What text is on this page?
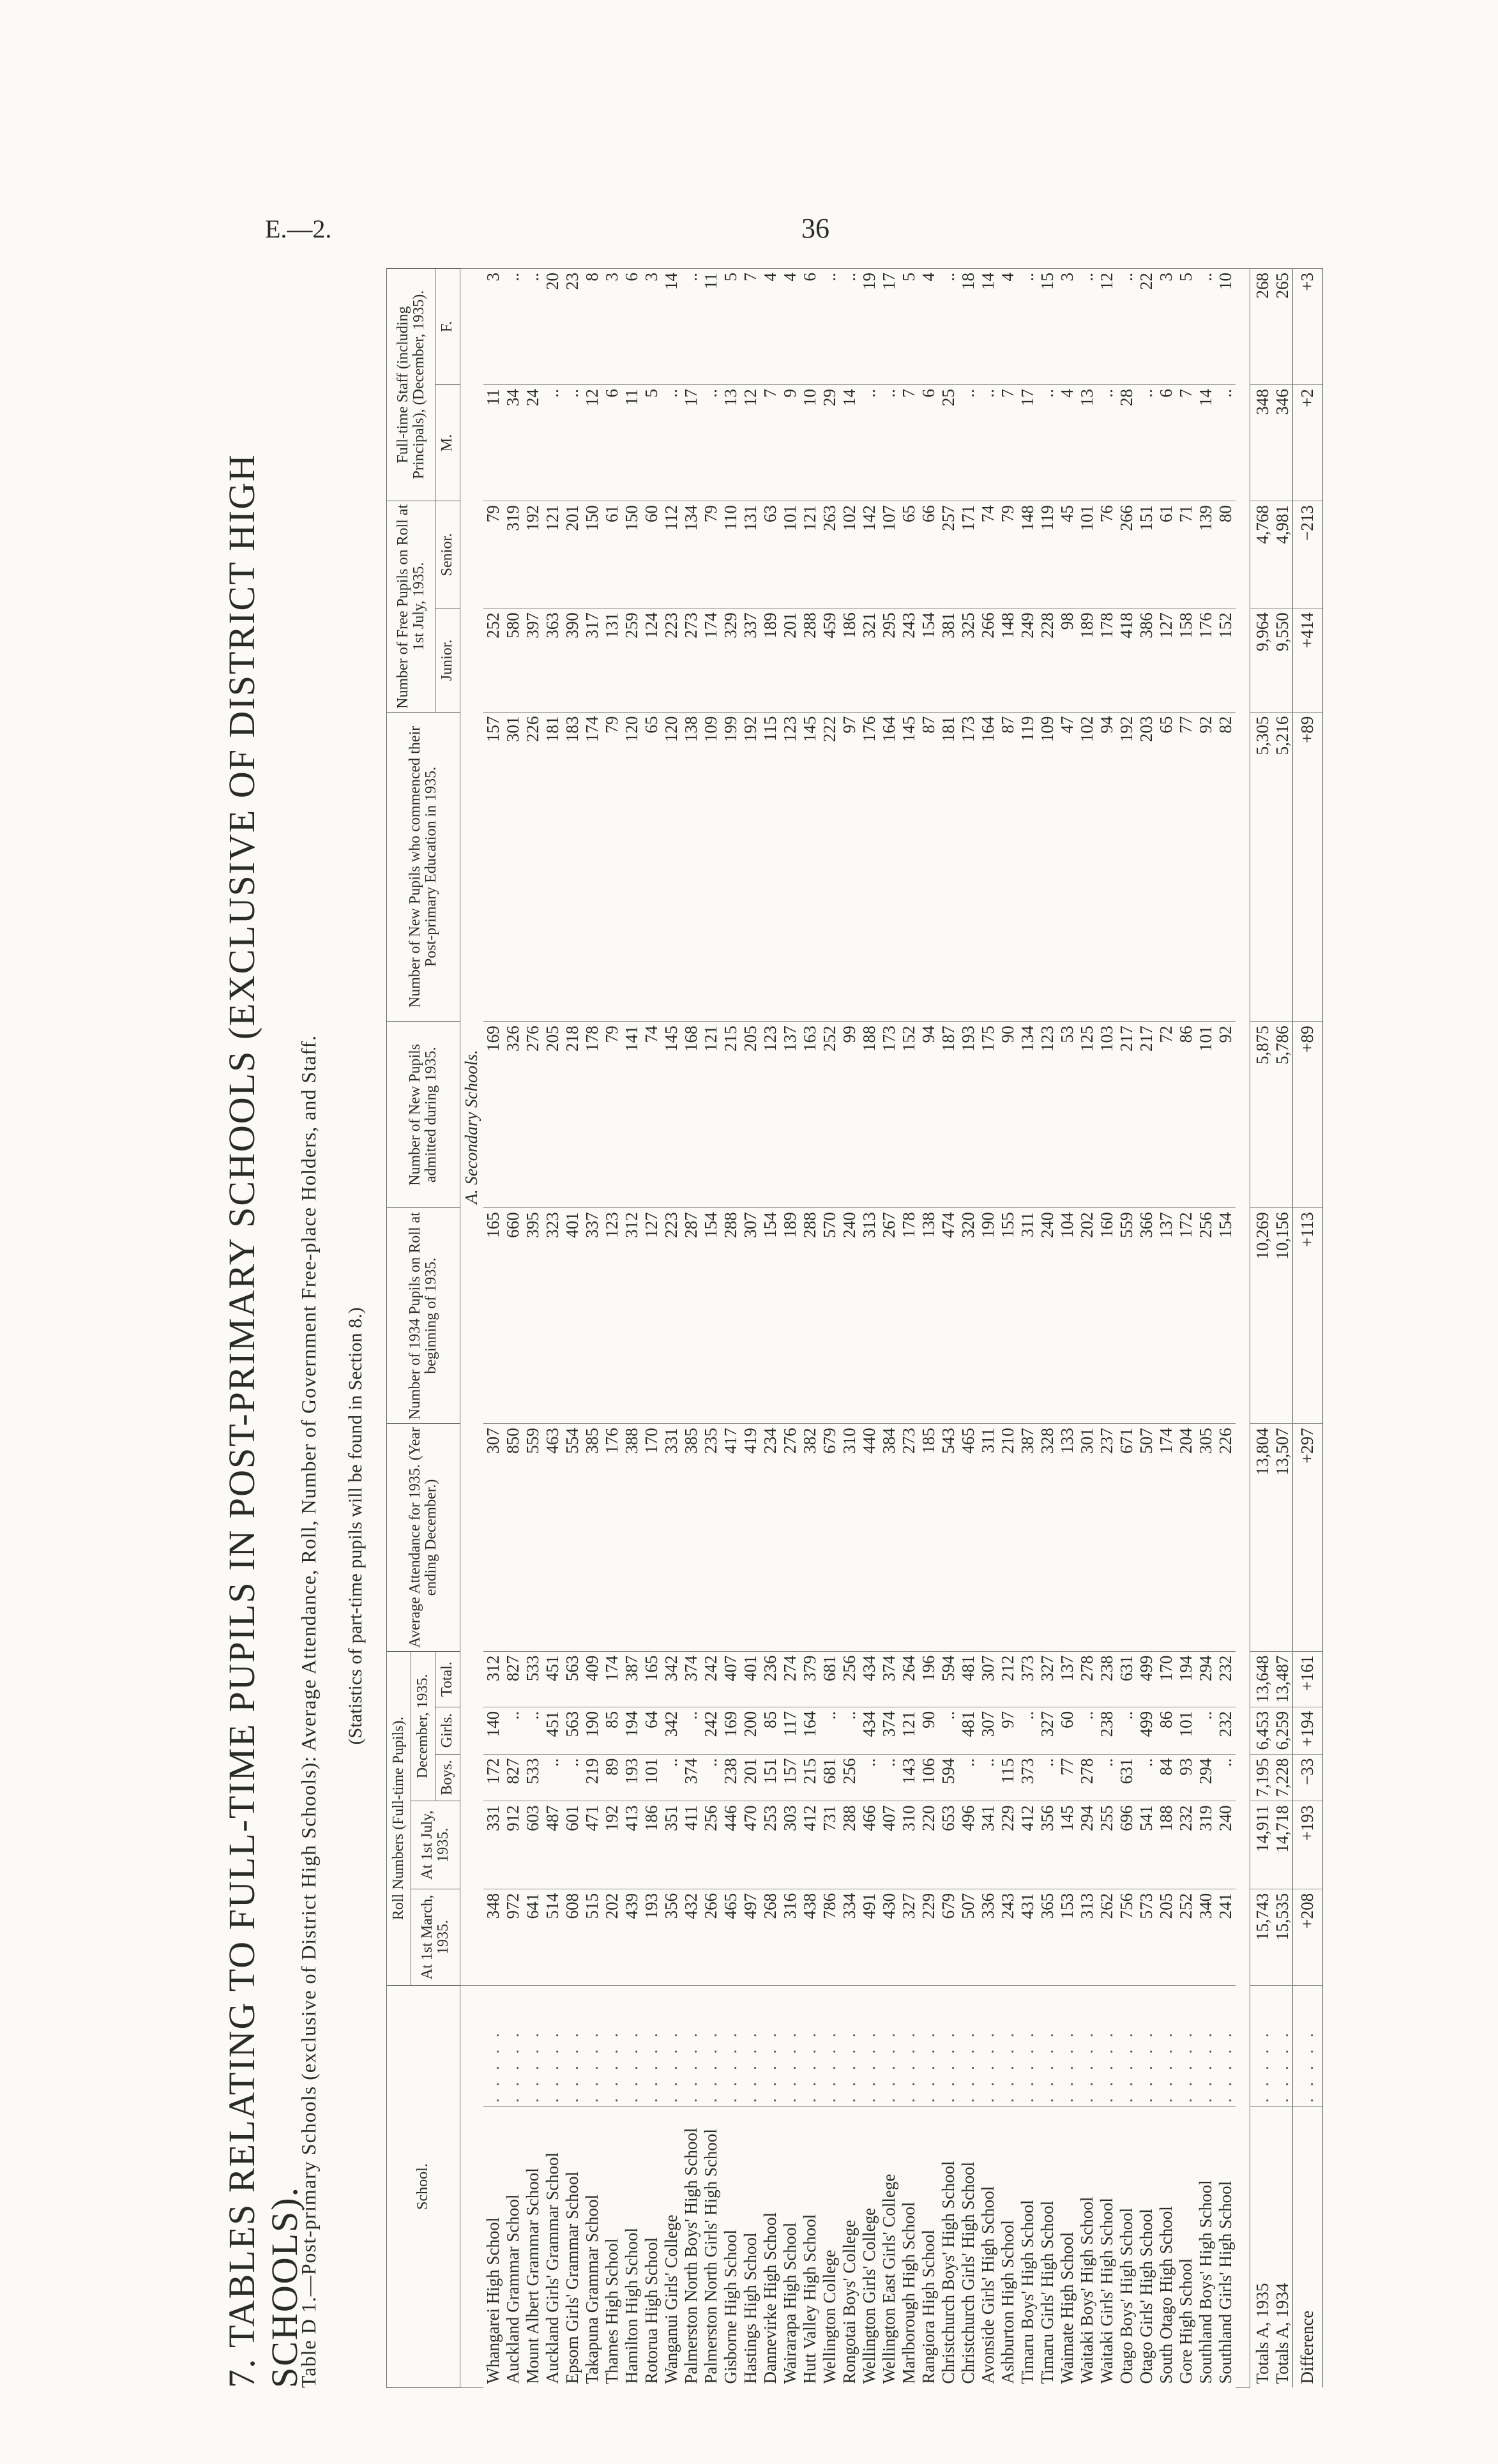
E.—2.	36
7. TABLES RELATING TO FULL-TIME PUPILS IN POST-PRIMARY SCHOOLS (EXCLUSIVE OF DISTRICT HIGH SCHOOLS).
Table D 1.—Post-primary Schools (exclusive of District High Schools): Average Attendance, Roll, Number of Government Free-place Holders, and Staff. (Statistics of part-time pupils will be found in Section 8.)
School.		Roll Numbers (Full-time Pupils).					Average Attendance for 1935. (Year ending December.)	Number of 1934 Pupils on Roll at beginning of 1935.	Number of New Pupils admitted during 1935.	Number of New Pupils who commenced their Post-primary Education in 1935.	Number of Free Pupils on Roll at 1st July, 1935.		Full-time Staff (including Principals), (December, 1935).	
		At 1st March, 1935.	At 1st July, 1935.	December, 1935.										
				Boys.	Girls.	Total.					Junior.	Senior.	M.	F.
		A. Secondary Schools.												
Whangarei High School	. . . . .	348	331	172	140	312	307	165	169	157	252	79	11	3
Auckland Grammar School	. . . . .	972	912	827	..	827	850	660	326	301	580	319	34	..
Mount Albert Grammar School	. . . . .	641	603	533	..	533	559	395	276	226	397	192	24	..
Auckland Girls' Grammar School	. . . . .	514	487	..	451	451	463	323	205	181	363	121	..	20
Epsom Girls' Grammar School	. . . . .	608	601	..	563	563	554	401	218	183	390	201	..	23
Takapuna Grammar School	. . . . .	515	471	219	190	409	385	337	178	174	317	150	12	8
Thames High School	. . . . .	202	192	89	85	174	176	123	79	79	131	61	6	3
Hamilton High School	. . . . .	439	413	193	194	387	388	312	141	120	259	150	11	6
Rotorua High School	. . . . .	193	186	101	64	165	170	127	74	65	124	60	5	3
Wanganui Girls' College	. . . . .	356	351	..	342	342	331	223	145	120	223	112	..	14
Palmerston North Boys' High School	. . . . .	432	411	374	..	374	385	287	168	138	273	134	17	..
Palmerston North Girls' High School	. . . . .	266	256	..	242	242	235	154	121	109	174	79	..	11
Gisborne High School	. . . . .	465	446	238	169	407	417	288	215	199	329	110	13	5
Hastings High School	. . . . .	497	470	201	200	401	419	307	205	192	337	131	12	7
Dannevirke High School	. . . . .	268	253	151	85	236	234	154	123	115	189	63	7	4
Wairarapa High School	. . . . .	316	303	157	117	274	276	189	137	123	201	101	9	4
Hutt Valley High School	. . . . .	438	412	215	164	379	382	288	163	145	288	121	10	6
Wellington College	. . . . .	786	731	681	..	681	679	570	252	222	459	263	29	..
Rongotai Boys' College	. . . . .	334	288	256	..	256	310	240	99	97	186	102	14	..
Wellington Girls' College	. . . . .	491	466	..	434	434	440	313	188	176	321	142	..	19
Wellington East Girls' College	. . . . .	430	407	..	374	374	384	267	173	164	295	107	..	17
Marlborough High School	. . . . .	327	310	143	121	264	273	178	152	145	243	65	7	5
Rangiora High School	. . . . .	229	220	106	90	196	185	138	94	87	154	66	6	4
Christchurch Boys' High School	. . . . .	679	653	594	..	594	543	474	187	181	381	257	25	..
Christchurch Girls' High School	. . . . .	507	496	..	481	481	465	320	193	173	325	171	..	18
Avonside Girls' High School	. . . . .	336	341	..	307	307	311	190	175	164	266	74	..	14
Ashburton High School	. . . . .	243	229	115	97	212	210	155	90	87	148	79	7	4
Timaru Boys' High School	. . . . .	431	412	373	..	373	387	311	134	119	249	148	17	..
Timaru Girls' High School	. . . . .	365	356	..	327	327	328	240	123	109	228	119	..	15
Waimate High School	. . . . .	153	145	77	60	137	133	104	53	47	98	45	4	3
Waitaki Boys' High School	. . . . .	313	294	278	..	278	301	202	125	102	189	101	13	..
Waitaki Girls' High School	. . . . .	262	255	..	238	238	237	160	103	94	178	76	..	12
Otago Boys' High School	. . . . .	756	696	631	..	631	671	559	217	192	418	266	28	..
Otago Girls' High School	. . . . .	573	541	..	499	499	507	366	217	203	386	151	..	22
South Otago High School	. . . . .	205	188	84	86	170	174	137	72	65	127	61	6	3
Gore High School	. . . . .	252	232	93	101	194	204	172	86	77	158	71	7	5
Southland Boys' High School	. . . . .	340	319	294	..	294	305	256	101	92	176	139	14	..
Southland Girls' High School	. . . . .	241	240	..	232	232	226	154	92	82	152	80	..	10

Totals A, 1935	. . . . .	15,743	14,911	7,195	6,453	13,648	13,804	10,269	5,875	5,305	9,964	4,768	348	268
Totals A, 1934	. . . . .	15,535	14,718	7,228	6,259	13,487	13,507	10,156	5,786	5,216	9,550	4,981	346	265
Difference	. . . . .	+208	+193	−33	+194	+161	+297	+113	+89	+89	+414	−213	+2	+3
